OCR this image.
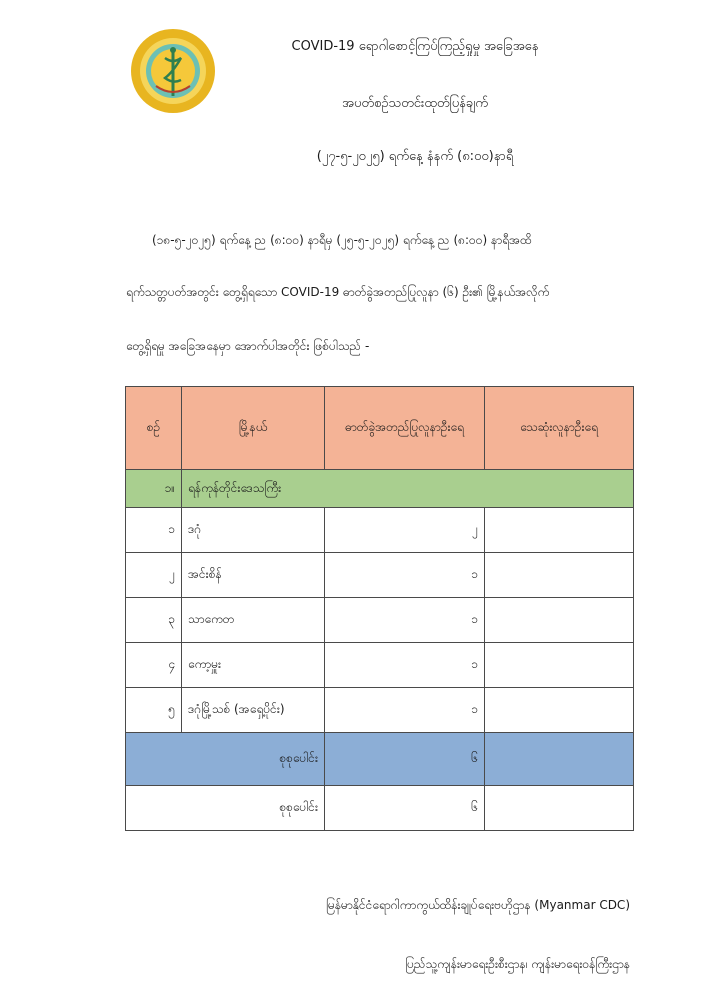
COVID-19 ရောဂါစောင့်ကြပ်ကြည့်ရှုမှု အခြေအနေ
အပတ်စဉ်သတင်းထုတ်ပြန်ချက်
(၂၇-၅-၂၀၂၅) ရက်နေ့ နံနက် (၈:၀၀)နာရီ
(၁၈-၅-၂၀၂၅) ရက်နေ့ ည (၈:၀၀) နာရီမှ (၂၅-၅-၂၀၂၅) ရက်နေ့ ည (၈:၀၀) နာရီအထိ
ရက်သတ္တပတ်အတွင်း တွေ့ရှိရသော COVID-19 ဓာတ်ခွဲအတည်ပြုလူနာ (၆) ဦး၏ မြို့နယ်အလိုက်
တွေ့ရှိရမှု အခြေအနေမှာ အောက်ပါအတိုင်း ဖြစ်ပါသည် -
စဉ်	မြို့နယ်	ဓာတ်ခွဲအတည်ပြုလူနာဦးရေ	သေဆုံးလူနာဦးရေ
၁။	ရန်ကုန်တိုင်းဒေသကြီး		
၁	ဒဂုံ	၂	
၂	အင်းစိန်	၁	
၃	သာကေတ	၁	
၄	ကော့မှူး	၁	
၅	ဒဂုံမြို့သစ် (အရှေ့ပိုင်း)	၁	
စုစုပေါင်း		၆	
စုစုပေါင်း		၆	
မြန်မာနိုင်ငံရောဂါကာကွယ်ထိန်းချုပ်ရေးဗဟိုဌာန (Myanmar CDC)
ပြည်သူ့ကျန်းမာရေးဦးစီးဌာန၊ ကျန်းမာရေးဝန်ကြီးဌာန
